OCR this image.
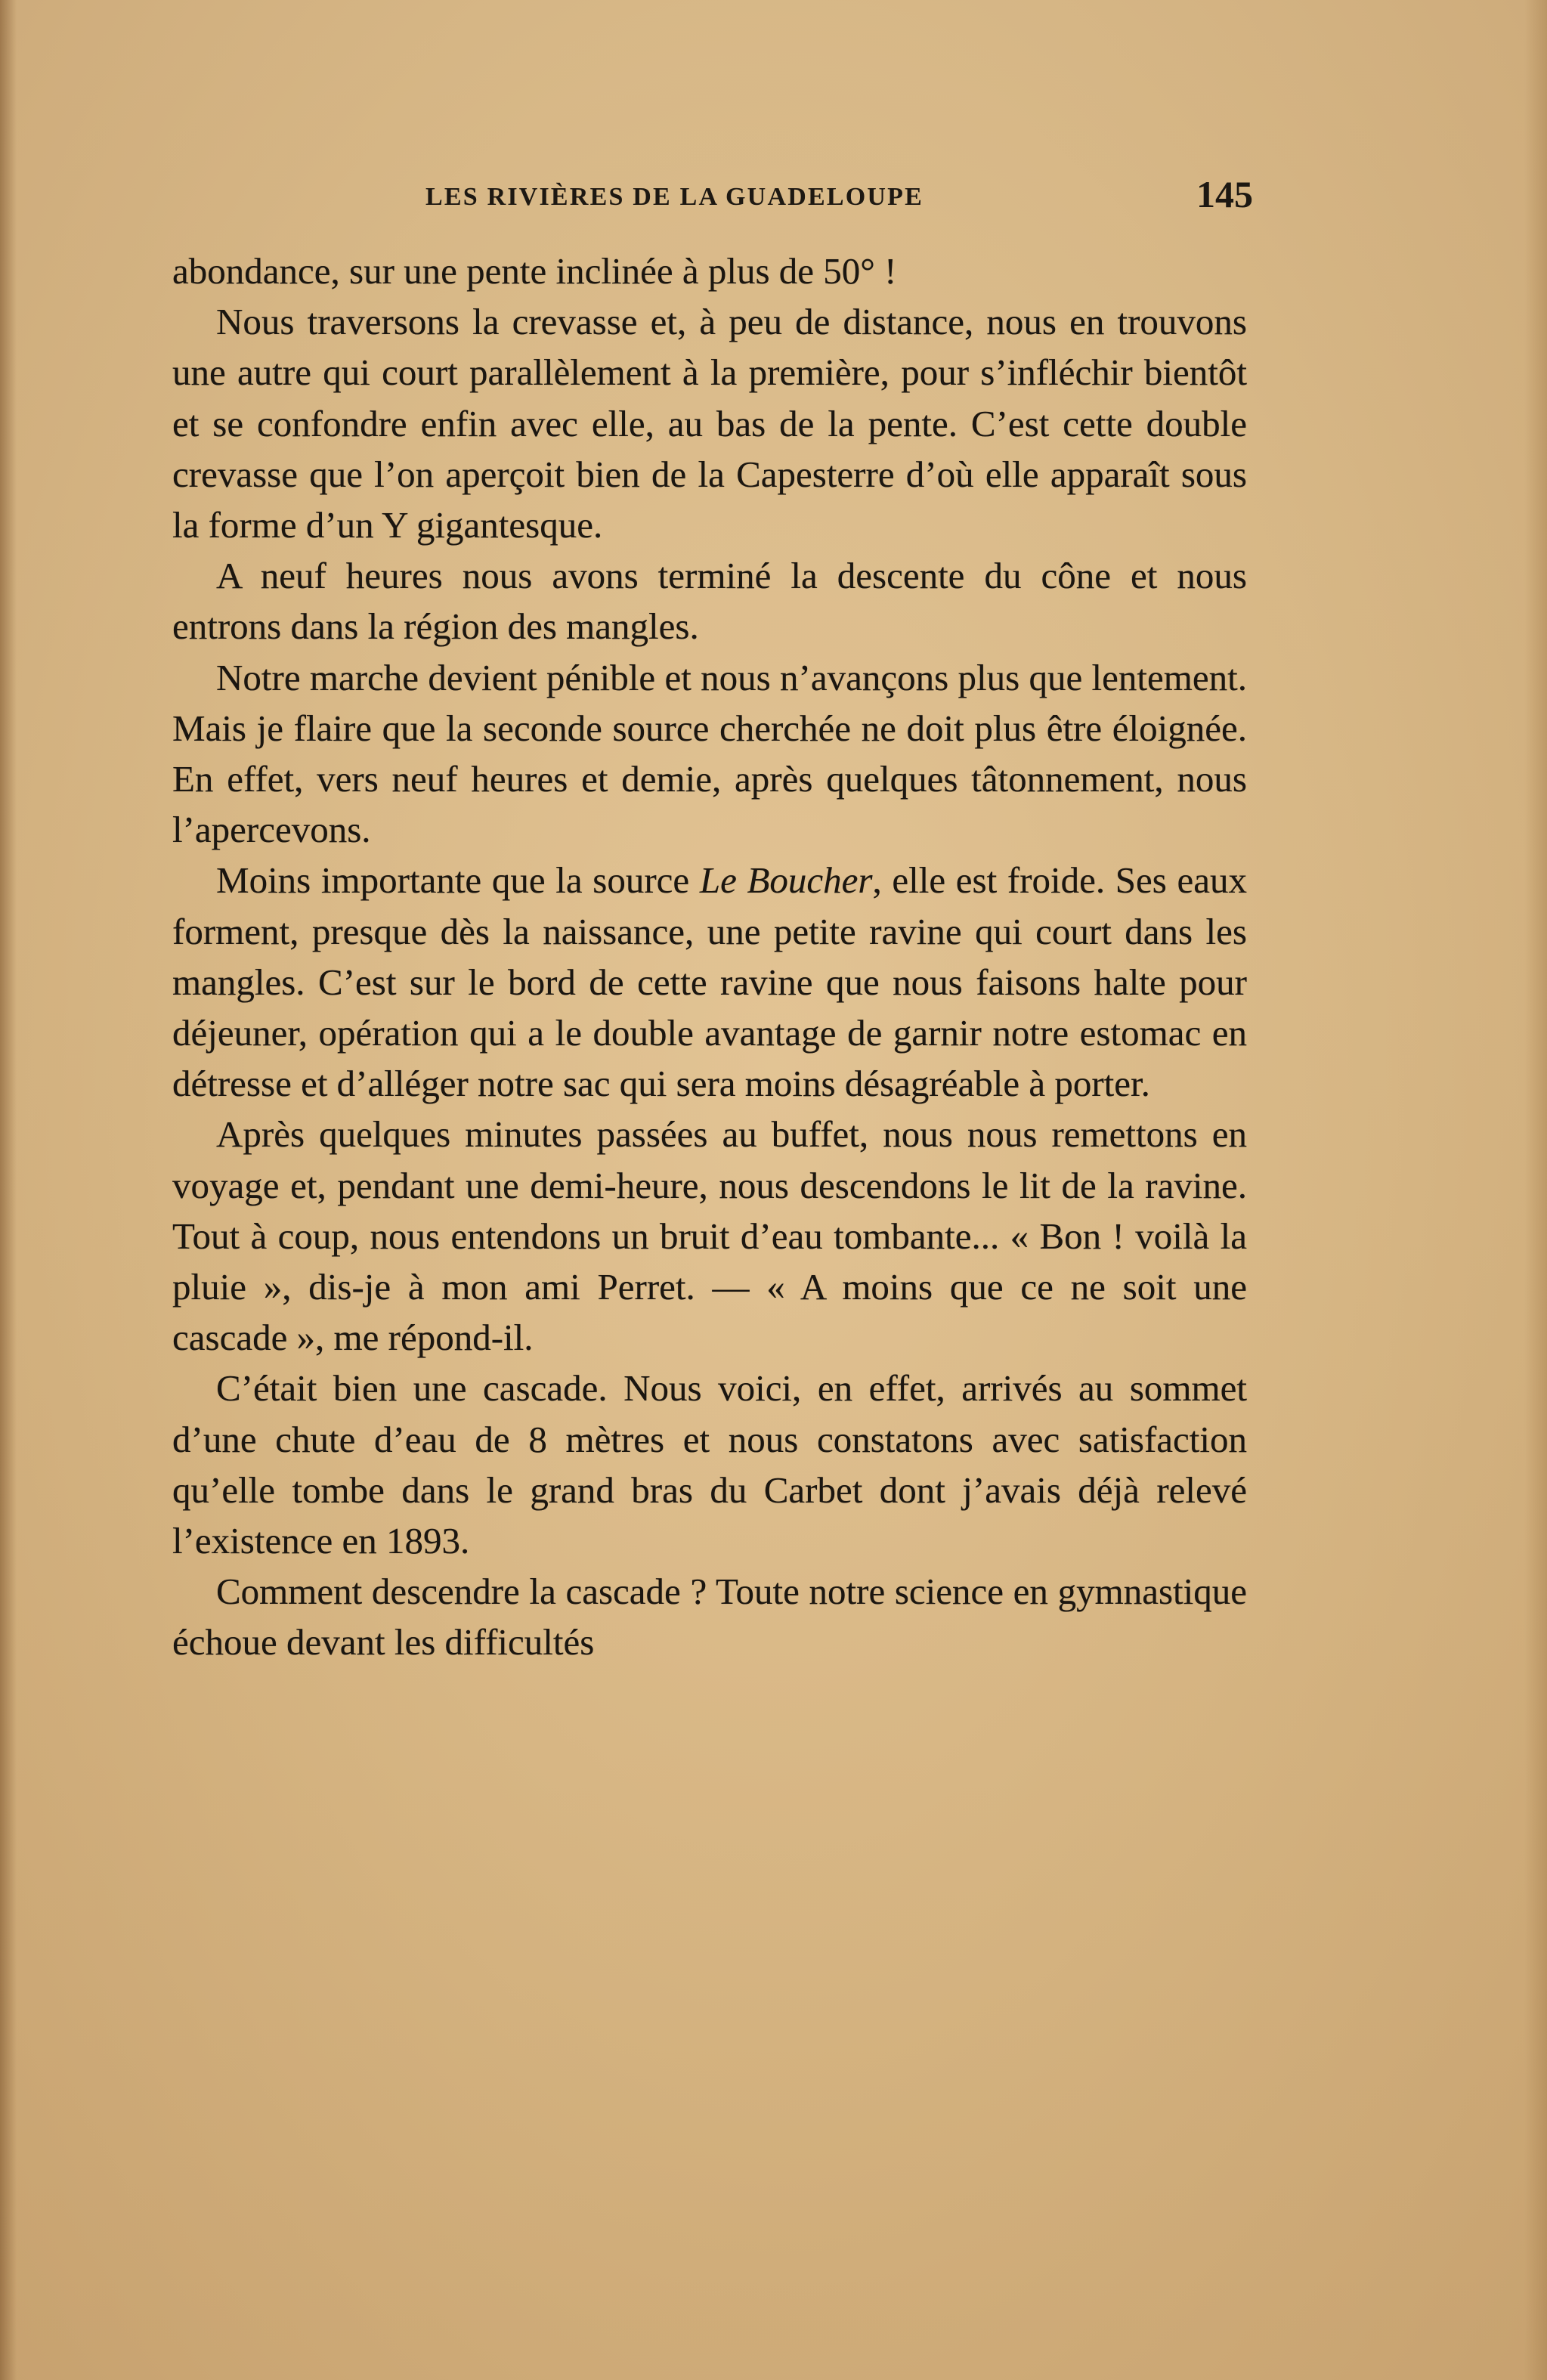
LES RIVIÈRES DE LA GUADELOUPE	145

abondance, sur une pente inclinée à plus de 50° !

Nous traversons la crevasse et, à peu de distance, nous en trouvons une autre qui court parallèlement à la première, pour s’infléchir bientôt et se confondre enfin avec elle, au bas de la pente. C’est cette double crevasse que l’on aperçoit bien de la Capesterre d’où elle apparaît sous la forme d’un Y gigantesque.

A neuf heures nous avons terminé la descente du cône et nous entrons dans la région des mangles.

Notre marche devient pénible et nous n’avançons plus que lentement. Mais je flaire que la seconde source cherchée ne doit plus être éloignée. En effet, vers neuf heures et demie, après quelques tâtonnement, nous l’apercevons.

Moins importante que la source Le Boucher, elle est froide. Ses eaux forment, presque dès la naissance, une petite ravine qui court dans les mangles. C’est sur le bord de cette ravine que nous faisons halte pour déjeuner, opération qui a le double avantage de garnir notre estomac en détresse et d’alléger notre sac qui sera moins désagréable à porter.

Après quelques minutes passées au buffet, nous nous remettons en voyage et, pendant une demi-heure, nous descendons le lit de la ravine. Tout à coup, nous entendons un bruit d’eau tombante... « Bon ! voilà la pluie », dis-je à mon ami Perret. — « A moins que ce ne soit une cascade », me répond-il.

C’était bien une cascade. Nous voici, en effet, arrivés au sommet d’une chute d’eau de 8 mètres et nous constatons avec satisfaction qu’elle tombe dans le grand bras du Carbet dont j’avais déjà relevé l’existence en 1893.

Comment descendre la cascade ? Toute notre science en gymnastique échoue devant les difficultés
